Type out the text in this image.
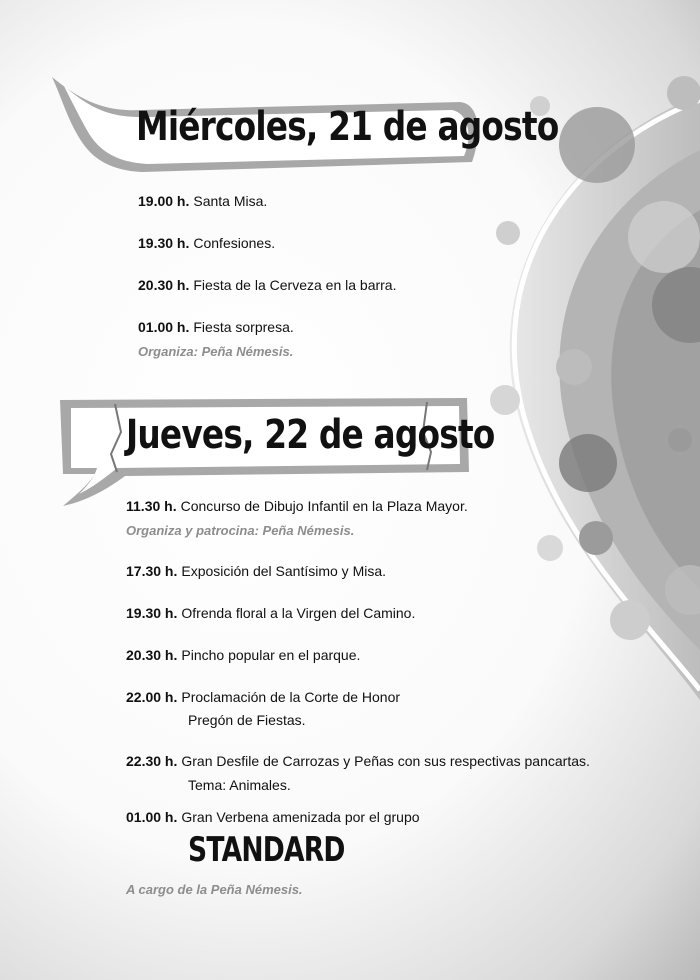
Miércoles, 21 de agosto
19.00 h. Santa Misa.
19.30 h. Confesiones.
20.30 h. Fiesta de la Cerveza en la barra.
01.00 h. Fiesta sorpresa.
Organiza: Peña Némesis.
Jueves, 22 de agosto
11.30 h. Concurso de Dibujo Infantil en la Plaza Mayor.
Organiza y patrocina: Peña Némesis.
17.30 h. Exposición del Santísimo y Misa.
19.30 h. Ofrenda floral a la Virgen del Camino.
20.30 h. Pincho popular en el parque.
22.00 h. Proclamación de la Corte de Honor
Pregón de Fiestas.
22.30 h. Gran Desfile de Carrozas y Peñas con sus respectivas pancartas.
Tema: Animales.
01.00 h. Gran Verbena amenizada por el grupo
STANDARD
A cargo de la Peña Némesis.
